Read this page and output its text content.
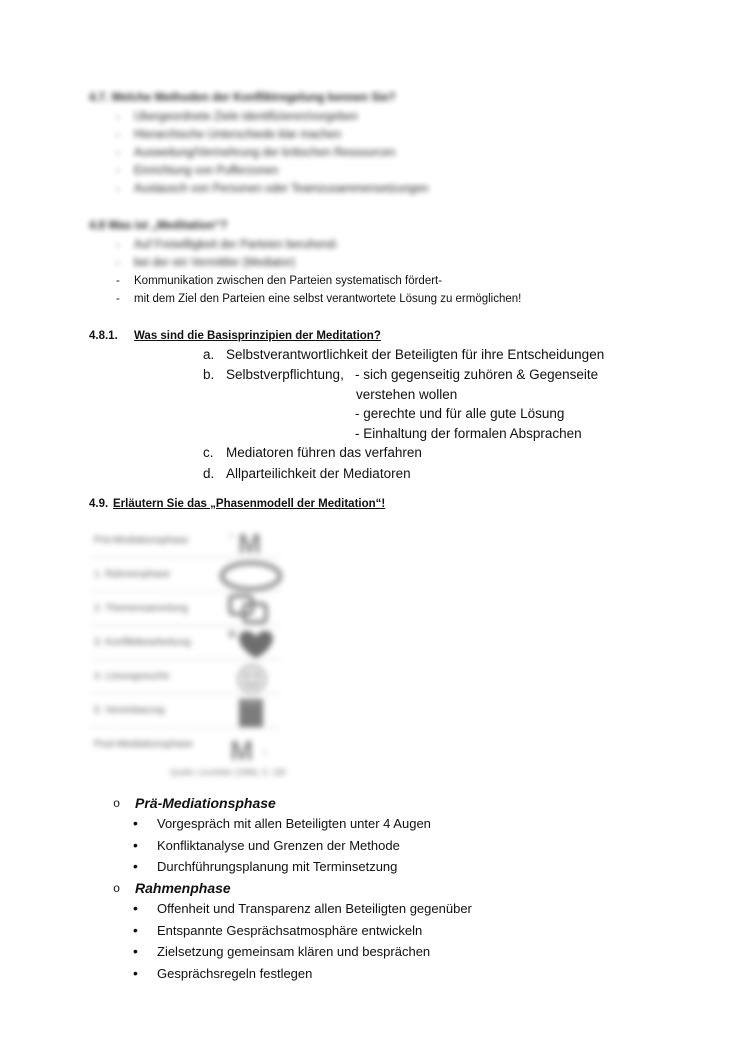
4.7. Welche Methoden der Konfliktregelung kennen Sie?
- Übergeordnete Ziele identifizieren/vorgeben
- Hierarchische Unterschiede klar machen
- Ausweitung/Vermehrung der kritischen Ressourcen
- Einrichtung von Pufferzonen
- Austausch von Personen oder Teamzusammensetzungen
4.8 Was ist „Meditation“?
- Auf Freiwilligkeit der Parteien beruhend-
- bei der ein Vermittler (Mediator)
- Kommunikation zwischen den Parteien systematisch fördert-
- mit dem Ziel den Parteien eine selbst verantwortete Lösung zu ermöglichen!
4.8.1. Was sind die Basisprinzipien der Meditation?
a. Selbstverantwortlichkeit der Beteiligten für ihre Entscheidungen
b. Selbstverpflichtung, - sich gegenseitig zuhören & Gegenseite
verstehen wollen
- gerechte und für alle gute Lösung
- Einhaltung der formalen Absprachen
c. Mediatoren führen das verfahren
d. Allparteilichkeit der Mediatoren
4.9. Erläutern Sie das „Phasenmodell der Meditation“!
Prä-Mediationsphase
1. Rahmenphase
2. Themensammlung
3. Konfliktbearbeitung
4. Lösungssuche
5. Vereinbarung
Post-Mediationsphase
Quelle: Lenzfeller (1998), S. 138
= M
M =
o Prä-Mediationsphase
• Vorgespräch mit allen Beteiligten unter 4 Augen
• Konfliktanalyse und Grenzen der Methode
• Durchführungsplanung mit Terminsetzung
o Rahmenphase
• Offenheit und Transparenz allen Beteiligten gegenüber
• Entspannte Gesprächsatmosphäre entwickeln
• Zielsetzung gemeinsam klären und besprächen
• Gesprächsregeln festlegen
